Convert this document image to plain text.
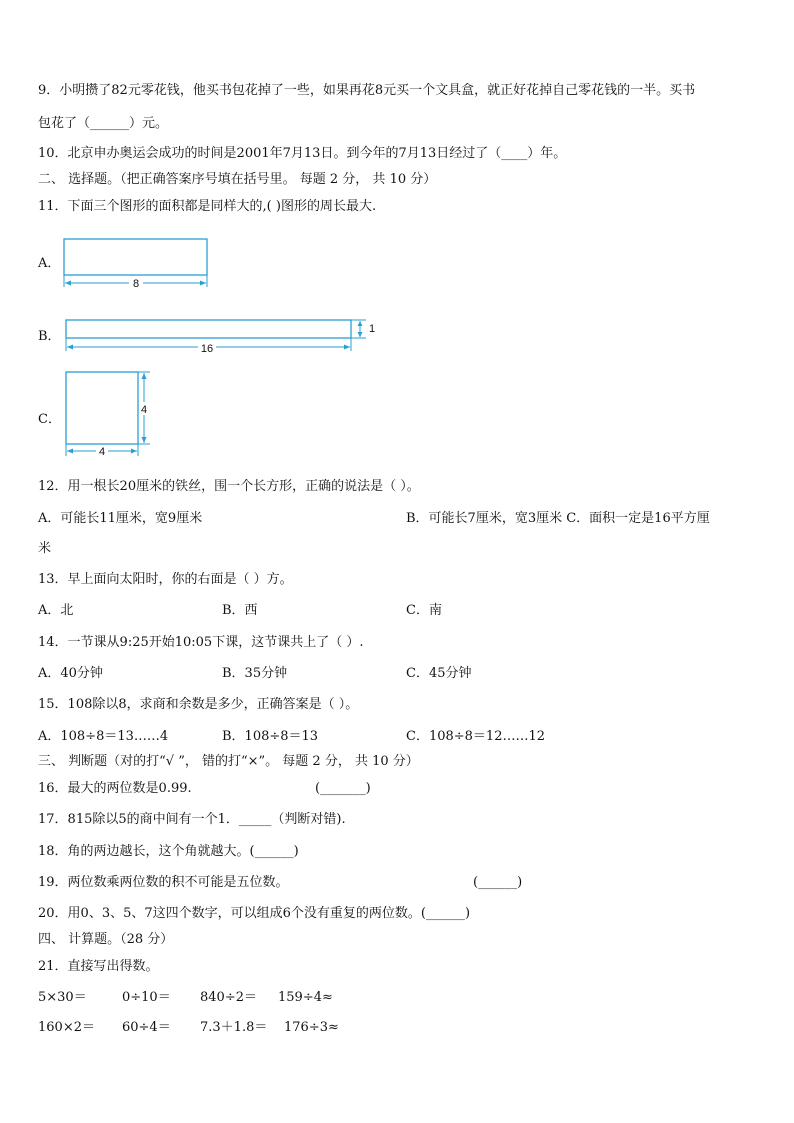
9．小明攒了82元零花钱，他买书包花掉了一些，如果再花8元买一个文具盒，就正好花掉自己零花钱的一半。买书
包花了（______）元。
10．北京申办奥运会成功的时间是2001年7月13日。到今年的7月13日经过了（____）年。
二、 选择题。（把正确答案序号填在括号里。 每题 2 分， 共 10 分）
11．下面三个图形的面积都是同样大的,( )图形的周长最大.
A．
8
B．
16
1
C．
4
4
12．用一根长20厘米的铁丝，围一个长方形，正确的说法是（ ）。
A．可能长11厘米，宽9厘米	B．可能长7厘米，宽3厘米 C．面积一定是16平方厘
米
13．早上面向太阳时，你的右面是（ ）方。
A．北	B．西	C．南
14．一节课从9:25开始10:05下课，这节课共上了（ ）.
A．40分钟	B．35分钟	C．45分钟
15．108除以8，求商和余数是多少，正确答案是（ ）。
A．108÷8＝13……4	B．108÷8＝13	C．108÷8＝12……12
三、 判断题（对的打“√ ”， 错的打“×”。 每题 2 分， 共 10 分）
16．最大的两位数是0.99.	(_______)
17．815除以5的商中间有一个1．_____（判断对错).
18．角的两边越长，这个角就越大。(______)
19．两位数乘两位数的积不可能是五位数。	(______)
20．用0、3、5、7这四个数字，可以组成6个没有重复的两位数。(______)
四、 计算题。（28 分）
21．直接写出得数。
5×30＝	0÷10＝ 840÷2＝ 159÷4≈
160×2＝ 60÷4＝ 7.3＋1.8＝ 176÷3≈
